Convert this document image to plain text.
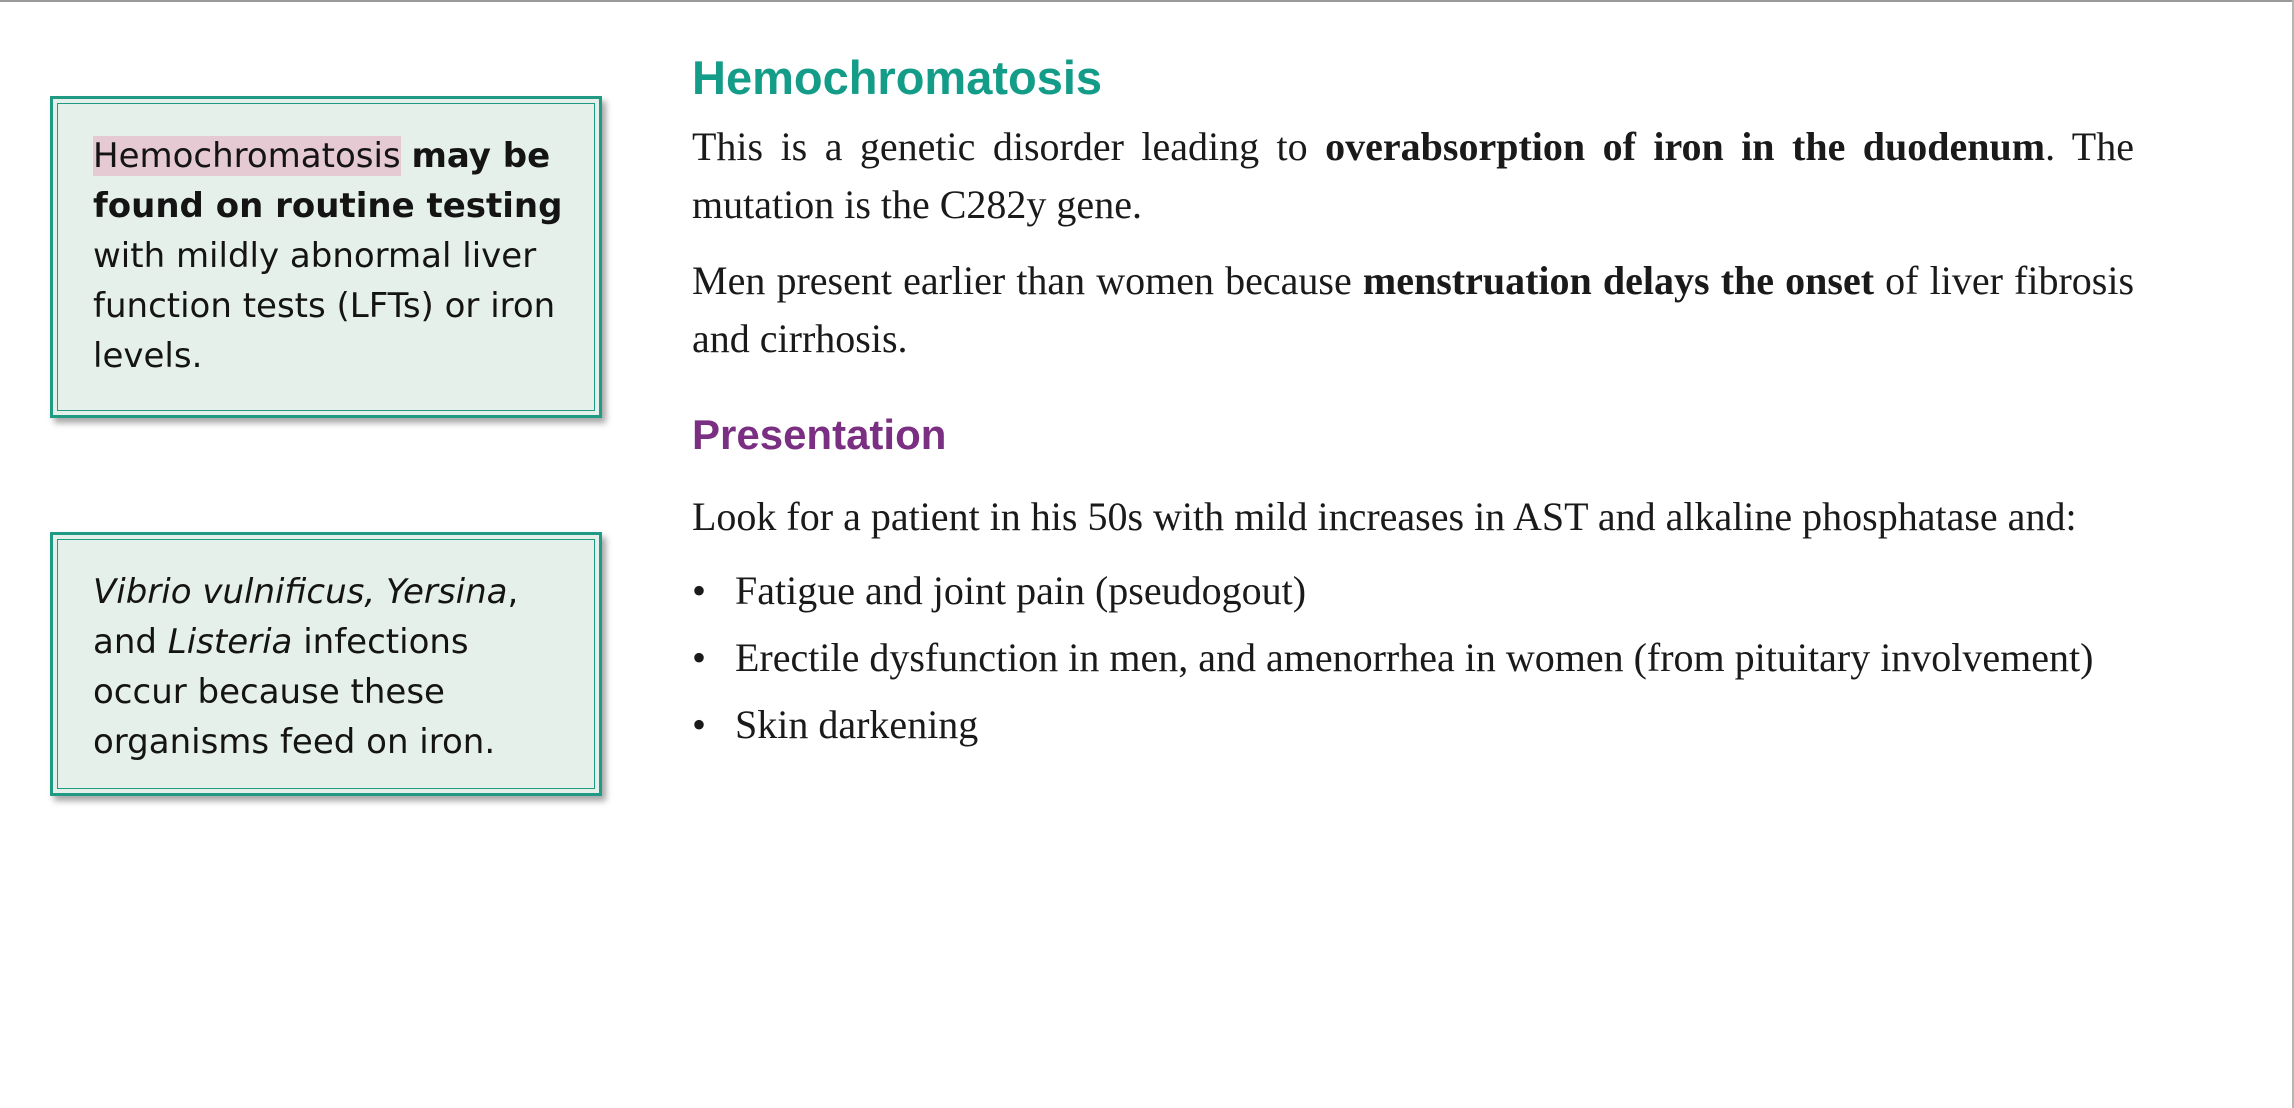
Hemochromatosis may be found on routine testing with mildly abnormal liver function tests (LFTs) or iron levels.
Vibrio vulnificus, Yersina,
and Listeria infections occur because these organisms feed on iron.
Hemochromatosis

This is a genetic disorder leading to overabsorption of iron in the duodenum. The mutation is the C282y gene.

Men present earlier than women because menstruation delays the onset of liver fibrosis and cirrhosis.

Presentation

Look for a patient in his 50s with mild increases in AST and alkaline phosphatase and:

• Fatigue and joint pain (pseudogout)
• Erectile dysfunction in men, and amenorrhea in women (from pituitary involvement)
• Skin darkening
